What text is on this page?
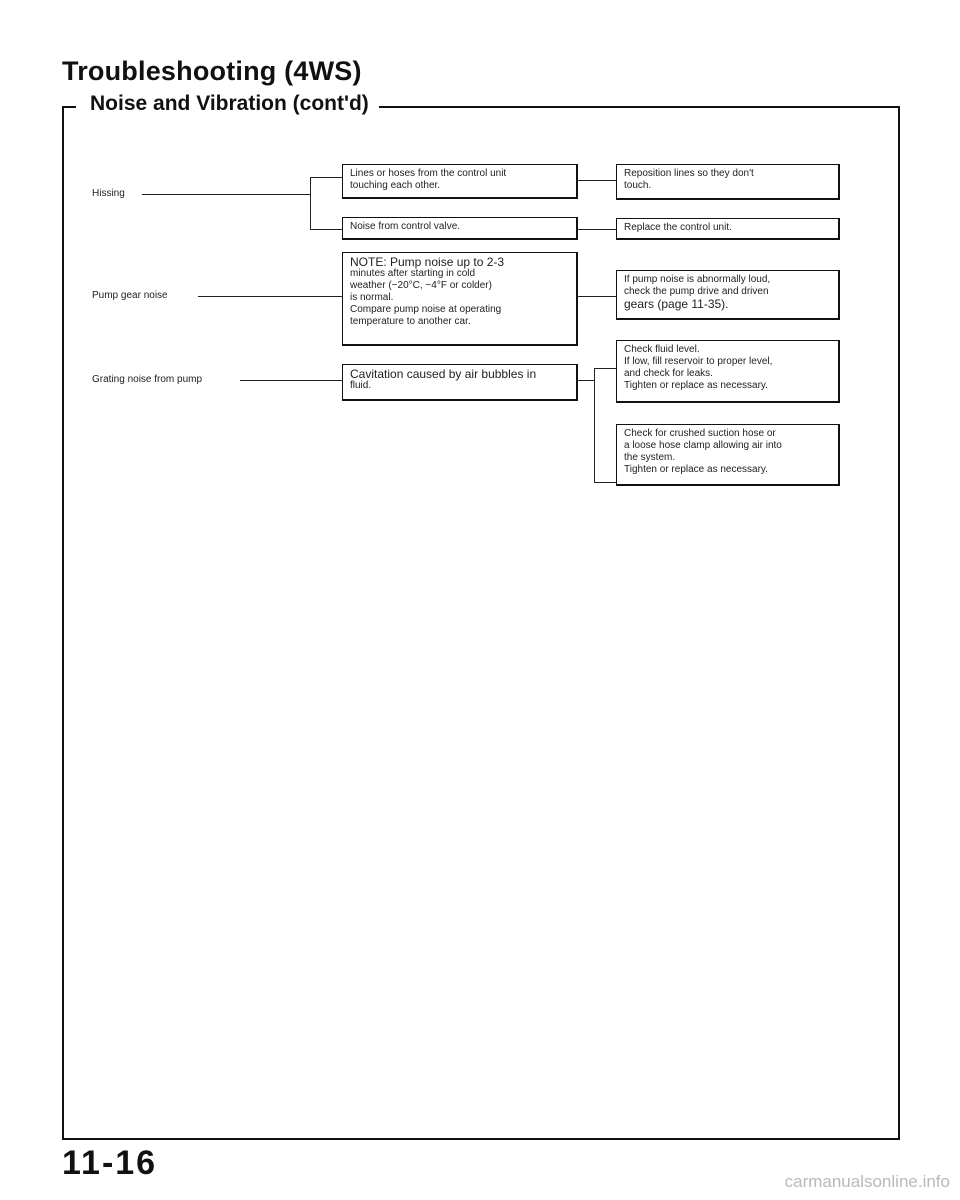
Troubleshooting (4WS)
Noise and Vibration (cont'd)
Hissing
Pump gear noise
Grating noise from pump
Lines or hoses from the control unit
touching each other.
Noise from control valve.
NOTE: Pump noise up to 2-3
minutes after starting in cold
weather (−20°C, −4°F or colder)
is normal.
Compare pump noise at operating
temperature to another car.
Cavitation caused by air bubbles in
fluid.
Reposition lines so they don't
touch.
Replace the control unit.
If pump noise is abnormally loud,
check the pump drive and driven
gears (page 11-35).
Check fluid level.
If low, fill reservoir to proper level,
and check for leaks.
Tighten or replace as necessary.
Check for crushed suction hose or
a loose hose clamp allowing air into
the system.
Tighten or replace as necessary.
11-16	carmanualsonline.info
